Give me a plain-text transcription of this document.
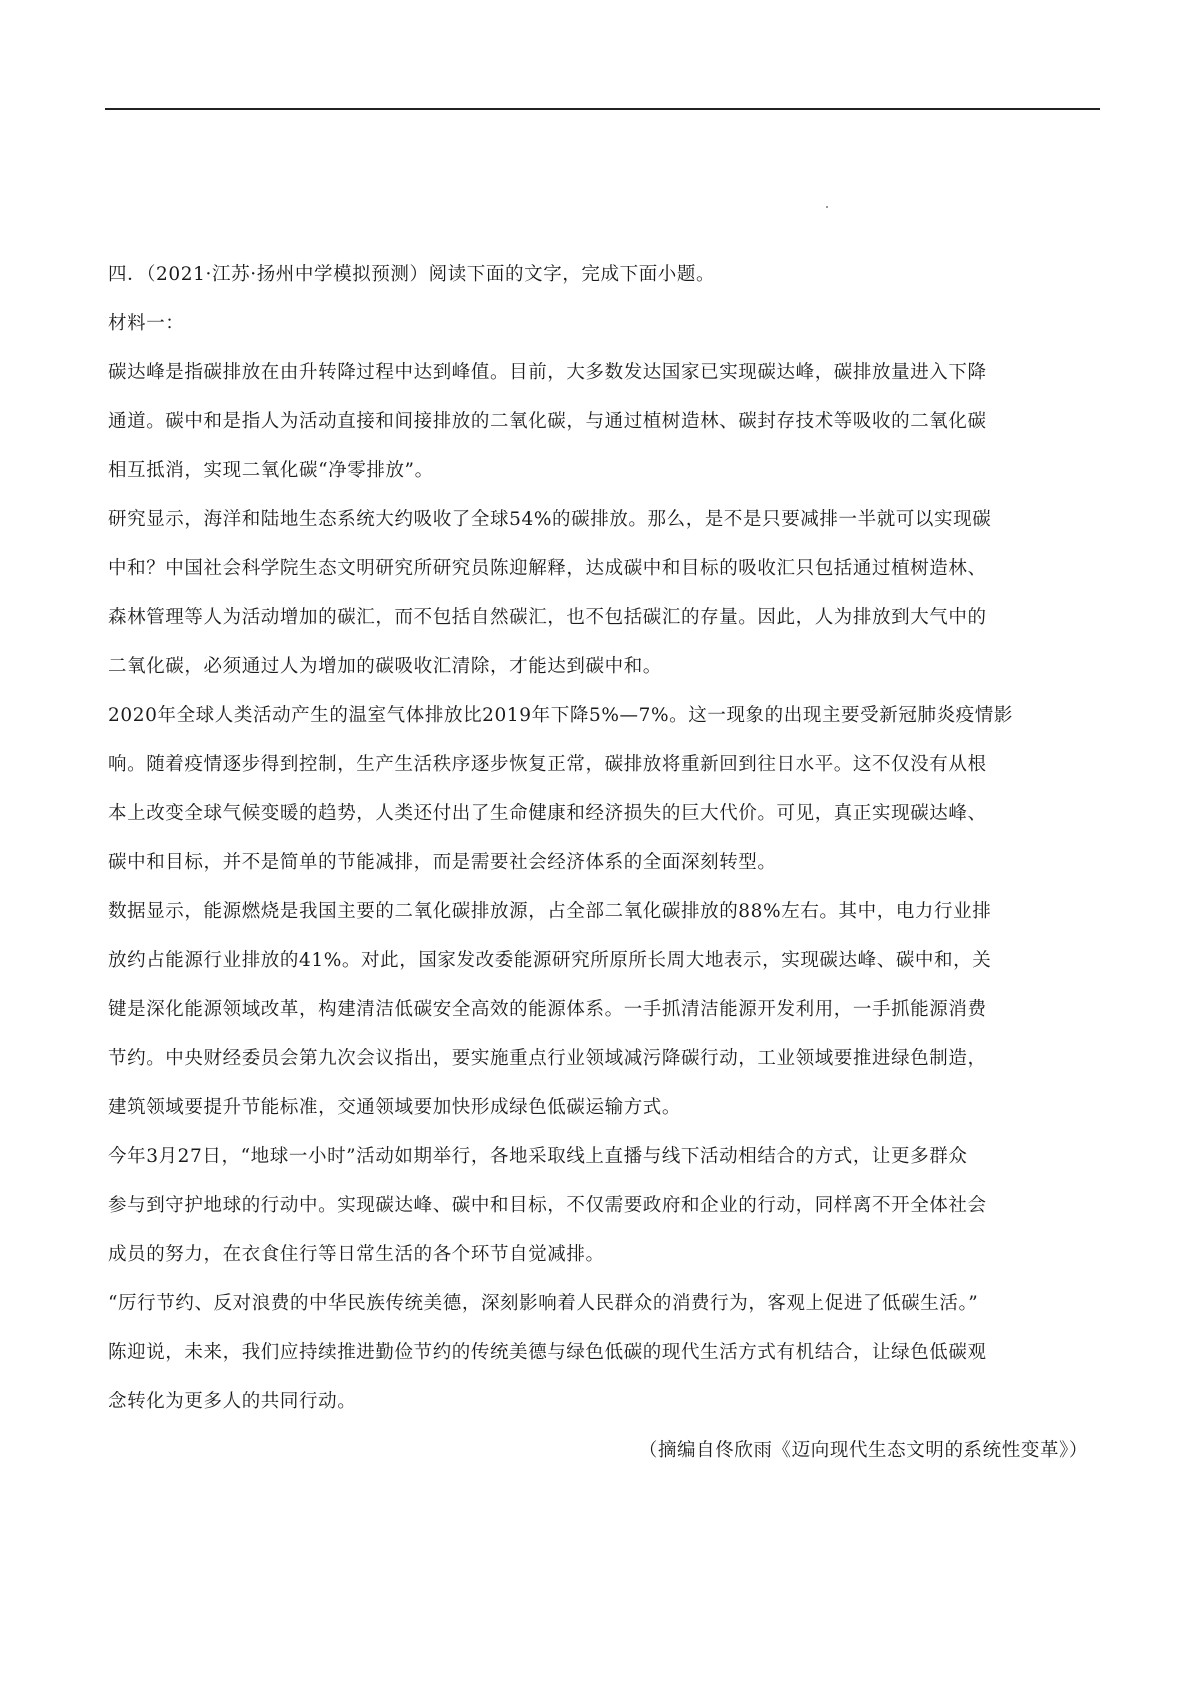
四．（2021·江苏·扬州中学模拟预测）阅读下面的文字，完成下面小题。
材料一：
碳达峰是指碳排放在由升转降过程中达到峰值。目前，大多数发达国家已实现碳达峰，碳排放量进入下降
通道。碳中和是指人为活动直接和间接排放的二氧化碳，与通过植树造林、碳封存技术等吸收的二氧化碳
相互抵消，实现二氧化碳“净零排放”。
研究显示，海洋和陆地生态系统大约吸收了全球54%的碳排放。那么，是不是只要减排一半就可以实现碳
中和？中国社会科学院生态文明研究所研究员陈迎解释，达成碳中和目标的吸收汇只包括通过植树造林、
森林管理等人为活动增加的碳汇，而不包括自然碳汇，也不包括碳汇的存量。因此，人为排放到大气中的
二氧化碳，必须通过人为增加的碳吸收汇清除，才能达到碳中和。
2020年全球人类活动产生的温室气体排放比2019年下降5%—7%。这一现象的出现主要受新冠肺炎疫情影
响。随着疫情逐步得到控制，生产生活秩序逐步恢复正常，碳排放将重新回到往日水平。这不仅没有从根
本上改变全球气候变暖的趋势，人类还付出了生命健康和经济损失的巨大代价。可见，真正实现碳达峰、
碳中和目标，并不是简单的节能减排，而是需要社会经济体系的全面深刻转型。
数据显示，能源燃烧是我国主要的二氧化碳排放源，占全部二氧化碳排放的88%左右。其中，电力行业排
放约占能源行业排放的41%。对此，国家发改委能源研究所原所长周大地表示，实现碳达峰、碳中和，关
键是深化能源领域改革，构建清洁低碳安全高效的能源体系。一手抓清洁能源开发利用，一手抓能源消费
节约。中央财经委员会第九次会议指出，要实施重点行业领域减污降碳行动，工业领域要推进绿色制造，
建筑领域要提升节能标准，交通领域要加快形成绿色低碳运输方式。
今年3月27日，“地球一小时”活动如期举行，各地采取线上直播与线下活动相结合的方式，让更多群众
参与到守护地球的行动中。实现碳达峰、碳中和目标，不仅需要政府和企业的行动，同样离不开全体社会
成员的努力，在衣食住行等日常生活的各个环节自觉减排。
“厉行节约、反对浪费的中华民族传统美德，深刻影响着人民群众的消费行为，客观上促进了低碳生活。”
陈迎说，未来，我们应持续推进勤俭节约的传统美德与绿色低碳的现代生活方式有机结合，让绿色低碳观
念转化为更多人的共同行动。
（摘编自佟欣雨《迈向现代生态文明的系统性变革》）
